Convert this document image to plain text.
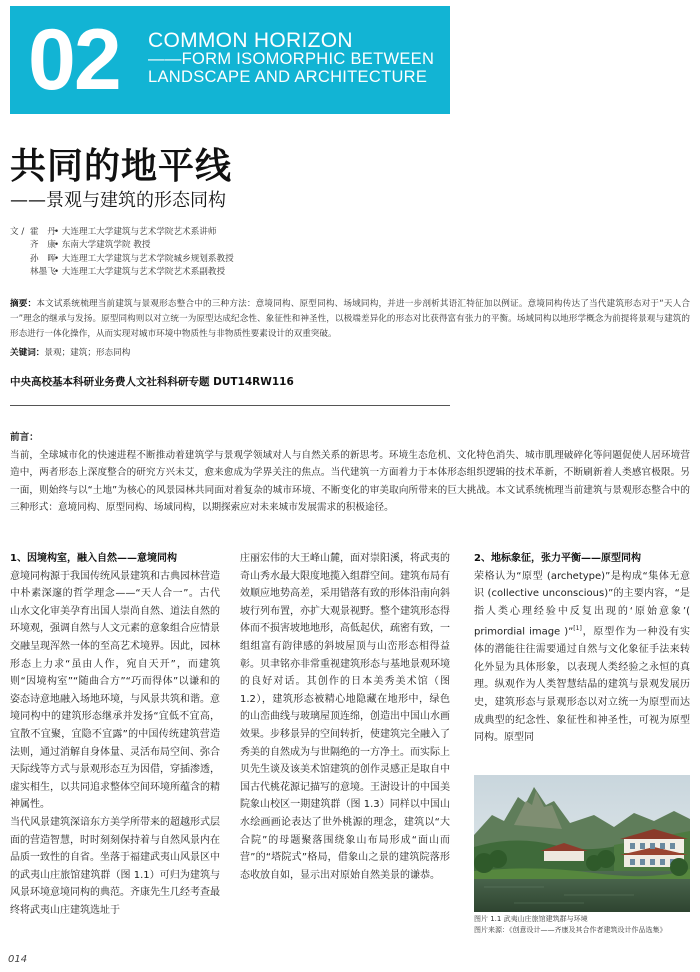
02 COMMON HORIZON
——FORM ISOMORPHIC BETWEEN
LANDSCAPE AND ARCHITECTURE
共同的地平线
——景观与建筑的形态同构
文 / 霍　丹
• 大连理工大学建筑与艺术学院艺术系讲师
齐　康
• 东南大学建筑学院 教授
孙　晖
• 大连理工大学建筑与艺术学院城乡规划系教授
林墨飞
• 大连理工大学建筑与艺术学院艺术系副教授
摘要：本文试系统梳理当前建筑与景观形态整合中的三种方法：意境同构、原型同构、场域同构，并进一步剖析其语汇特征加以例证。意境同构传达了当代建筑形态对于“天人合一”理念的继承与发扬。原型同构则以对立统一为原型达成纪念性、象征性和神圣性，以极端差异化的形态对比获得富有张力的平衡。场域同构以地形学概念为前提将景观与建筑的形态进行一体化操作，从而实现对城市环境中物质性与非物质性要素设计的双重突破。
关键词：景观；建筑；形态同构
中央高校基本科研业务费人文社科科研专题 DUT14RW116
前言：
当前，全球城市化的快速进程不断推动着建筑学与景观学领域对人与自然关系的新思考。环境生态危机、文化特色消失、城市肌理破碎化等问题促使人居环境营造中，两者形态上深度整合的研究方兴未艾，愈来愈成为学界关注的焦点。当代建筑一方面着力于本体形态组织逻辑的技术革新，不断刷新着人类感官极限。另一面，则始终与以“土地”为核心的风景园林共同面对着复杂的城市环境、不断变化的审美取向所带来的巨大挑战。本文试系统梳理当前建筑与景观形态整合中的三种形式：意境同构、原型同构、场域同构，以期探索应对未来城市发展需求的积极途径。
1、因境构室，融入自然——意境同构
意境同构源于我国传统风景建筑和古典园林营造中朴素深邃的哲学理念——“天人合一”。古代山水文化审美孕育出国人崇尚自然、道法自然的环境观，强调自然与人文元素的意象组合应情景交融呈现浑然一体的至高艺术境界。因此，园林形态上力求“虽由人作，宛自天开”，而建筑则“因境构室”“随曲合方”“巧而得体”以谦和的姿态诗意地融入场地环境，与风景共筑和谐。意境同构中的建筑形态继承并发扬“宜低不宜高，宜散不宜聚，宜隐不宜露”的中国传统建筑营造法则，通过消解自身体量、灵活布局空间、弥合天际线等方式与景观形态互为因借，穿插渗透，虚实相生，以共同追求整体空间环境所蕴含的精神属性。
当代风景建筑深谙东方美学所带来的超越形式层面的营造智慧，时时刻刻保持着与自然风景内在品质一致性的自省。坐落于福建武夷山风景区中的武夷山庄旅馆建筑群（图 1.1）可归为建筑与风景环境意境同构的典范。齐康先生几经考查最终将武夷山庄建筑选址于
庄丽宏伟的大王峰山麓，面对崇阳溪，将武夷的奇山秀水最大限度地揽入组群空间。建筑布局有效顺应地势高差，采用错落有致的形体沿南向斜坡行列布置，亦扩大观景视野。整个建筑形态得体而不损害坡地地形，高低起伏，疏密有致，一组组富有韵律感的斜坡屋顶与山峦形态相得益彰。贝聿铭亦非常重视建筑形态与基地景观环境的良好对话。其创作的日本美秀美术馆（图 1.2），建筑形态被精心地隐藏在地形中，绿色的山峦曲线与玻璃屋顶连绵，创造出中国山水画效果。步移景异的空间转折，使建筑完全融入了秀美的自然成为与世隔绝的一方净土。而实际上贝先生谈及该美术馆建筑的创作灵感正是取自中国古代桃花源记描写的意境。王澍设计的中国美院象山校区一期建筑群（图 1.3）同样以中国山水绘画画论表达了世外桃源的理念，建筑以“大合院”的母题聚落围绕象山布局形成“面山而营”的“塔院式”格局，借象山之景的建筑院落形态收放自如，显示出对原始自然美景的谦恭。
2、地标象征，张力平衡——原型同构
荣格认为“原型 (archetype)”是构成“集体无意识 (collective unconscious)”的主要内容，“是指人类心理经验中反复出现的‘原始意象’( primordial image )”[1]，原型作为一种没有实体的潜能往往需要通过自然与文化象征手法来转化外显为具体形象，以表现人类经验之永恒的真理。纵观作为人类智慧结晶的建筑与景观发展历史，建筑形态与景观形态以对立统一为原型而达成典型的纪念性、象征性和神圣性，可视为原型同构。原型同
图片 1.1 武夷山庄旅馆建筑群与环境
图片来源：《创意设计——齐康及其合作者建筑设计作品选集》
014
